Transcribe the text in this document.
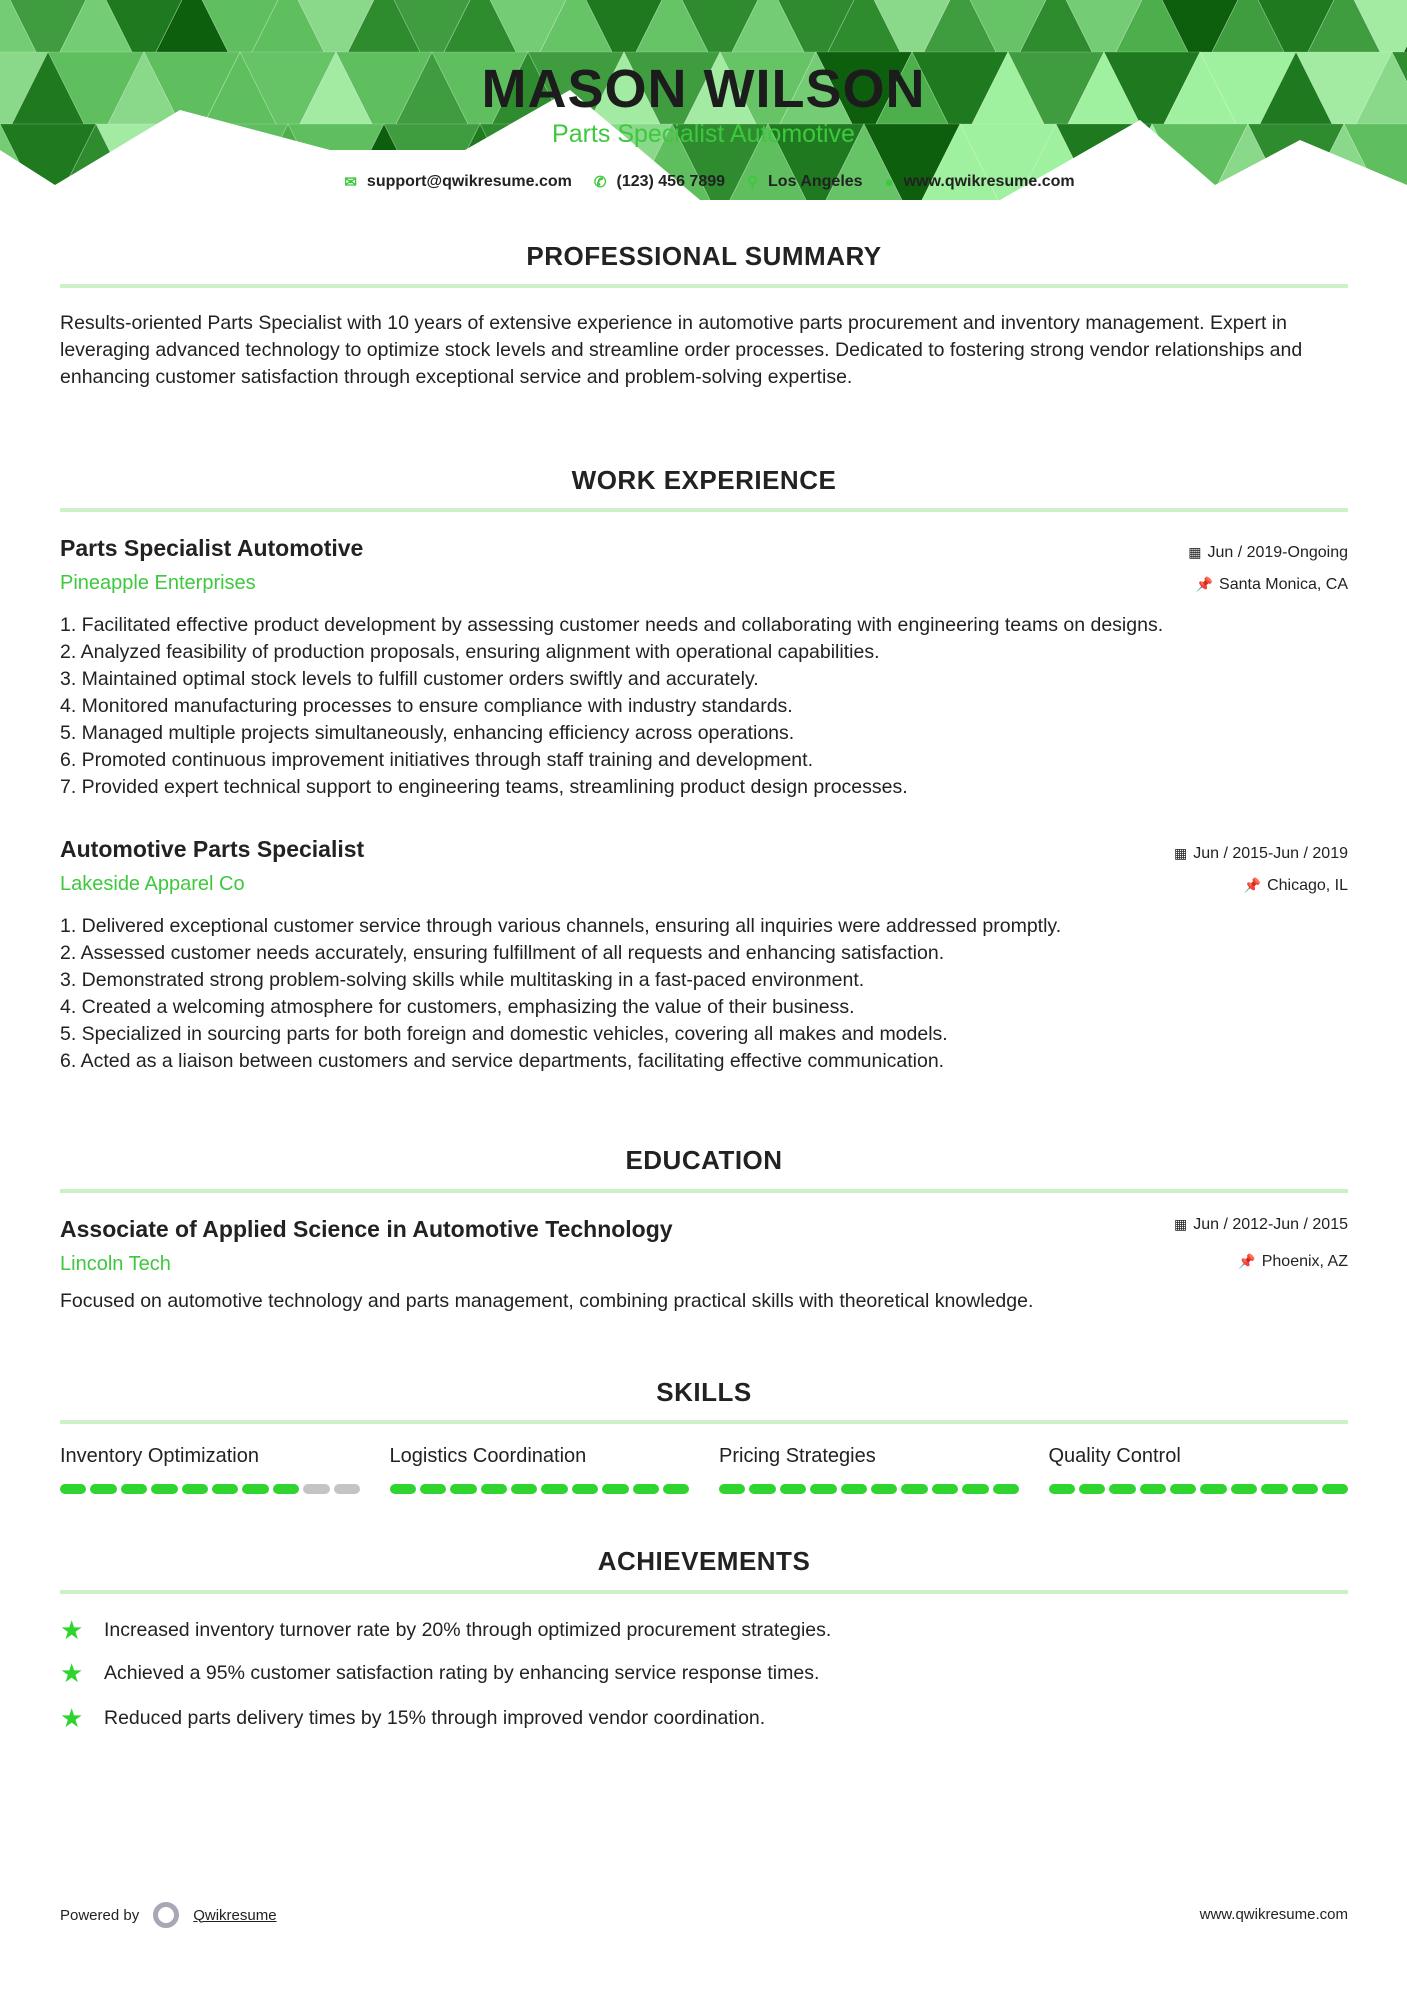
MASON WILSON
Parts Specialist Automotive
✉ support@qwikresume.com ✆ (123) 456 7899 ⚲ Los Angeles ● www.qwikresume.com
PROFESSIONAL SUMMARY
Results-oriented Parts Specialist with 10 years of extensive experience in automotive parts procurement and inventory management. Expert in leveraging advanced technology to optimize stock levels and streamline order processes. Dedicated to fostering strong vendor relationships and enhancing customer satisfaction through exceptional service and problem-solving expertise.
WORK EXPERIENCE
Parts Specialist Automotive
Pineapple Enterprises
▦ Jun / 2019-Ongoing
📌 Santa Monica, CA
1. Facilitated effective product development by assessing customer needs and collaborating with engineering teams on designs.
2. Analyzed feasibility of production proposals, ensuring alignment with operational capabilities.
3. Maintained optimal stock levels to fulfill customer orders swiftly and accurately.
4. Monitored manufacturing processes to ensure compliance with industry standards.
5. Managed multiple projects simultaneously, enhancing efficiency across operations.
6. Promoted continuous improvement initiatives through staff training and development.
7. Provided expert technical support to engineering teams, streamlining product design processes.
Automotive Parts Specialist
Lakeside Apparel Co
▦ Jun / 2015-Jun / 2019
📌 Chicago, IL
1. Delivered exceptional customer service through various channels, ensuring all inquiries were addressed promptly.
2. Assessed customer needs accurately, ensuring fulfillment of all requests and enhancing satisfaction.
3. Demonstrated strong problem-solving skills while multitasking in a fast-paced environment.
4. Created a welcoming atmosphere for customers, emphasizing the value of their business.
5. Specialized in sourcing parts for both foreign and domestic vehicles, covering all makes and models.
6. Acted as a liaison between customers and service departments, facilitating effective communication.
EDUCATION
Associate of Applied Science in Automotive Technology
Lincoln Tech
▦ Jun / 2012-Jun / 2015
📌 Phoenix, AZ
Focused on automotive technology and parts management, combining practical skills with theoretical knowledge.
SKILLS
Inventory Optimization	Logistics Coordination	Pricing Strategies	Quality Control
ACHIEVEMENTS
★	Increased inventory turnover rate by 20% through optimized procurement strategies.
★	Achieved a 95% customer satisfaction rating by enhancing service response times.
★	Reduced parts delivery times by 15% through improved vendor coordination.
Powered by	Qwikresume	www.qwikresume.com
